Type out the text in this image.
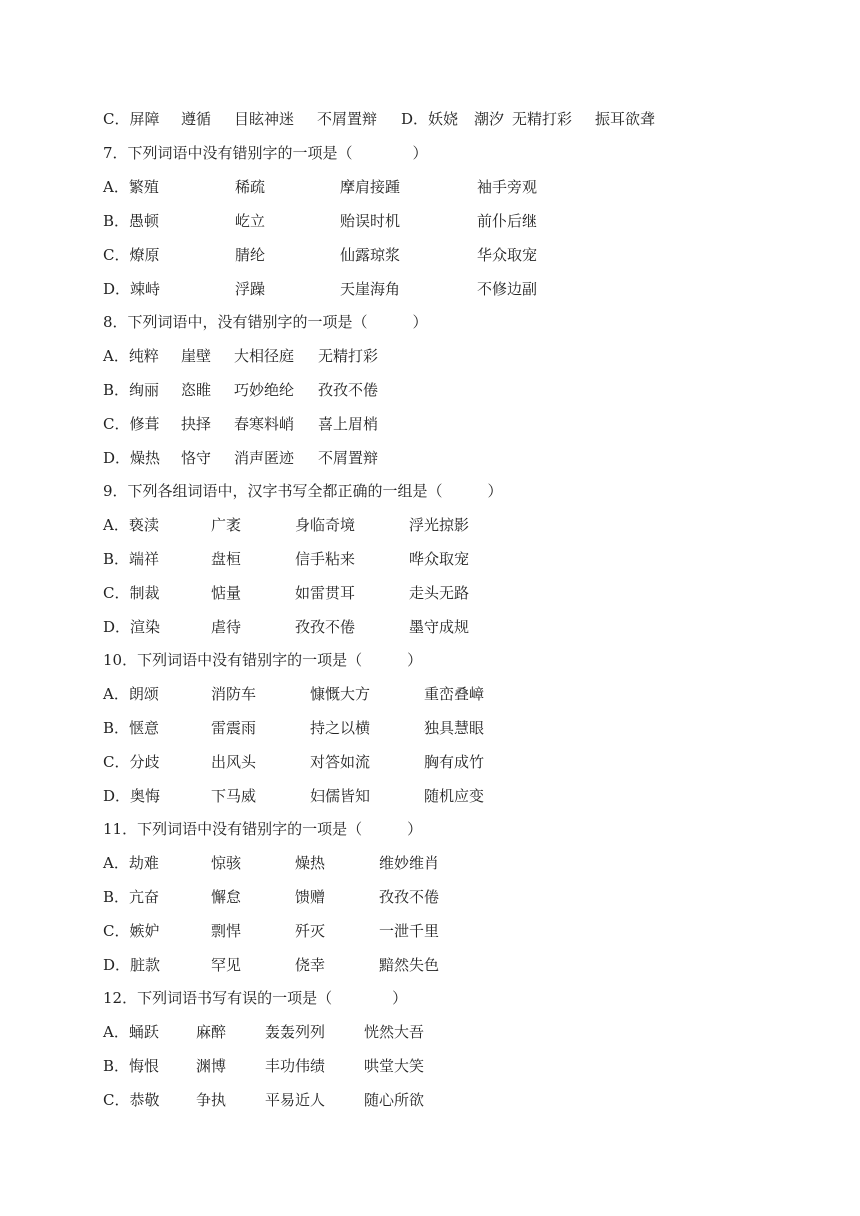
C．屏障 遵循 目眩神迷 不屑置辩 D．妖娆 潮汐 无精打彩 振耳欲聋
7．下列词语中没有错别字的一项是（　　　　）
A．繁殖	稀疏	摩肩接踵	袖手旁观
B．愚顿	屹立	贻误时机	前仆后继
C．燎原	腈纶	仙露琼浆	华众取宠
D．竦峙	浮躁	天崖海角	不修边副
8．下列词语中，没有错别字的一项是（　　　）
A．纯粹 崖壁 大相径庭 无精打彩
B．绚丽 恣睢 巧妙绝纶 孜孜不倦
C．修葺 抉择 春寒料峭 喜上眉梢
D．燥热 恪守 消声匿迹 不屑置辩
9．下列各组词语中，汉字书写全都正确的一组是（　　　）
A．亵渎	广袤	身临奇境	浮光掠影
B．端祥	盘桓	信手粘来	哗众取宠
C．制裁	惦量	如雷贯耳	走头无路
D．渲染	虐待	孜孜不倦	墨守成规
10．下列词语中没有错别字的一项是（　　　）
A．朗颂	消防车	慷慨大方	重峦叠嶂
B．惬意	雷震雨	持之以横	独具慧眼
C．分歧	出风头	对答如流	胸有成竹
D．奥悔	下马威	妇儒皆知	随机应变
11．下列词语中没有错别字的一项是（　　　）
A．劫难	惊骇	燥热	维妙维肖
B．亢奋	懈怠	馈赠	孜孜不倦
C．嫉妒	剽悍	歼灭	一泄千里
D．脏款	罕见	侥幸	黯然失色
12．下列词语书写有误的一项是（　　　　）
A．蛹跃 麻醉	轰轰列列	恍然大吾
B．悔恨 渊博	丰功伟绩	哄堂大笑
C．恭敬 争执	平易近人	随心所欲
